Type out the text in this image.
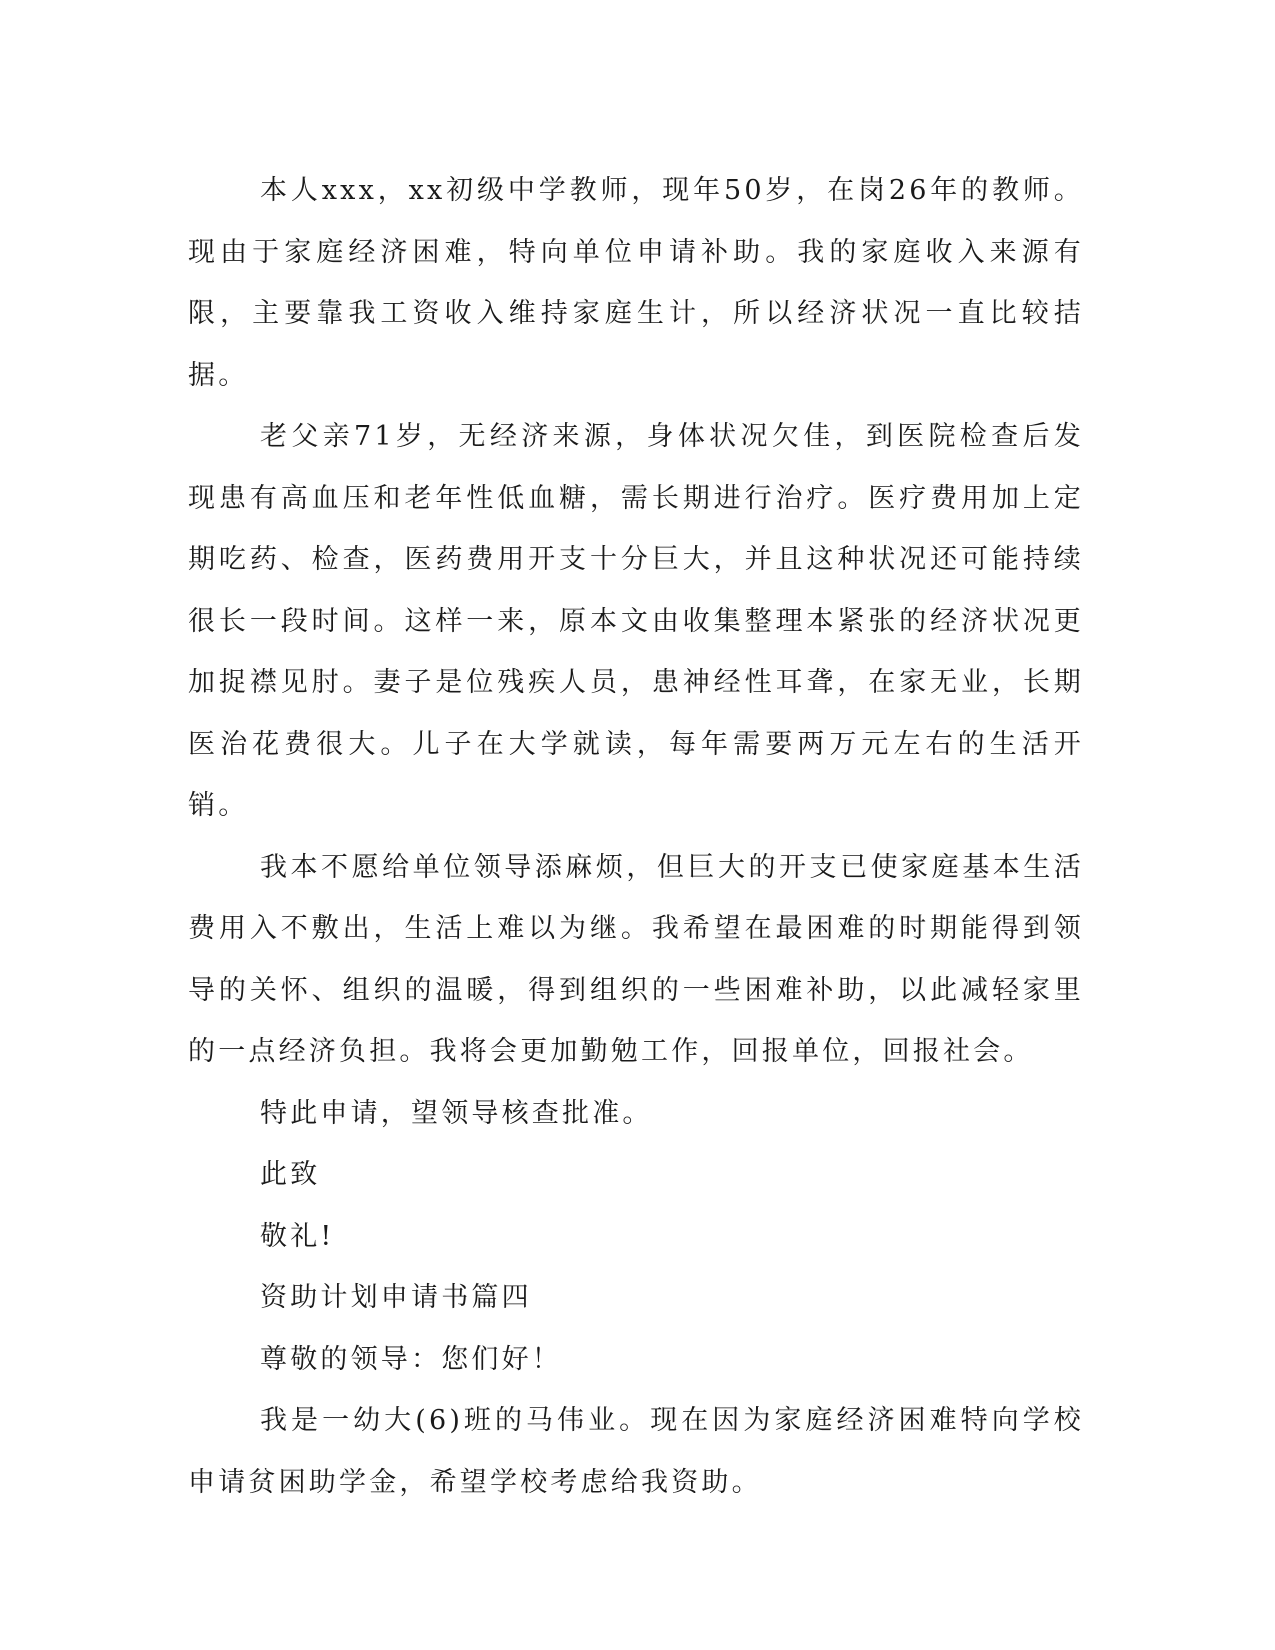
本人xxx，xx初级中学教师，现年50岁，在岗26年的教师。现由于家庭经济困难，特向单位申请补助。我的家庭收入来源有限，主要靠我工资收入维持家庭生计，所以经济状况一直比较拮据。

老父亲71岁，无经济来源，身体状况欠佳，到医院检查后发现患有高血压和老年性低血糖，需长期进行治疗。医疗费用加上定期吃药、检查，医药费用开支十分巨大，并且这种状况还可能持续很长一段时间。这样一来，原本文由收集整理本紧张的经济状况更加捉襟见肘。妻子是位残疾人员，患神经性耳聋，在家无业，长期医治花费很大。儿子在大学就读，每年需要两万元左右的生活开销。

我本不愿给单位领导添麻烦，但巨大的开支已使家庭基本生活费用入不敷出，生活上难以为继。我希望在最困难的时期能得到领导的关怀、组织的温暖，得到组织的一些困难补助，以此减轻家里的一点经济负担。我将会更加勤勉工作，回报单位，回报社会。

特此申请，望领导核查批准。

此致

敬礼!

资助计划申请书篇四

尊敬的领导：您们好！

我是一幼大(6)班的马伟业。现在因为家庭经济困难特向学校申请贫困助学金，希望学校考虑给我资助。
